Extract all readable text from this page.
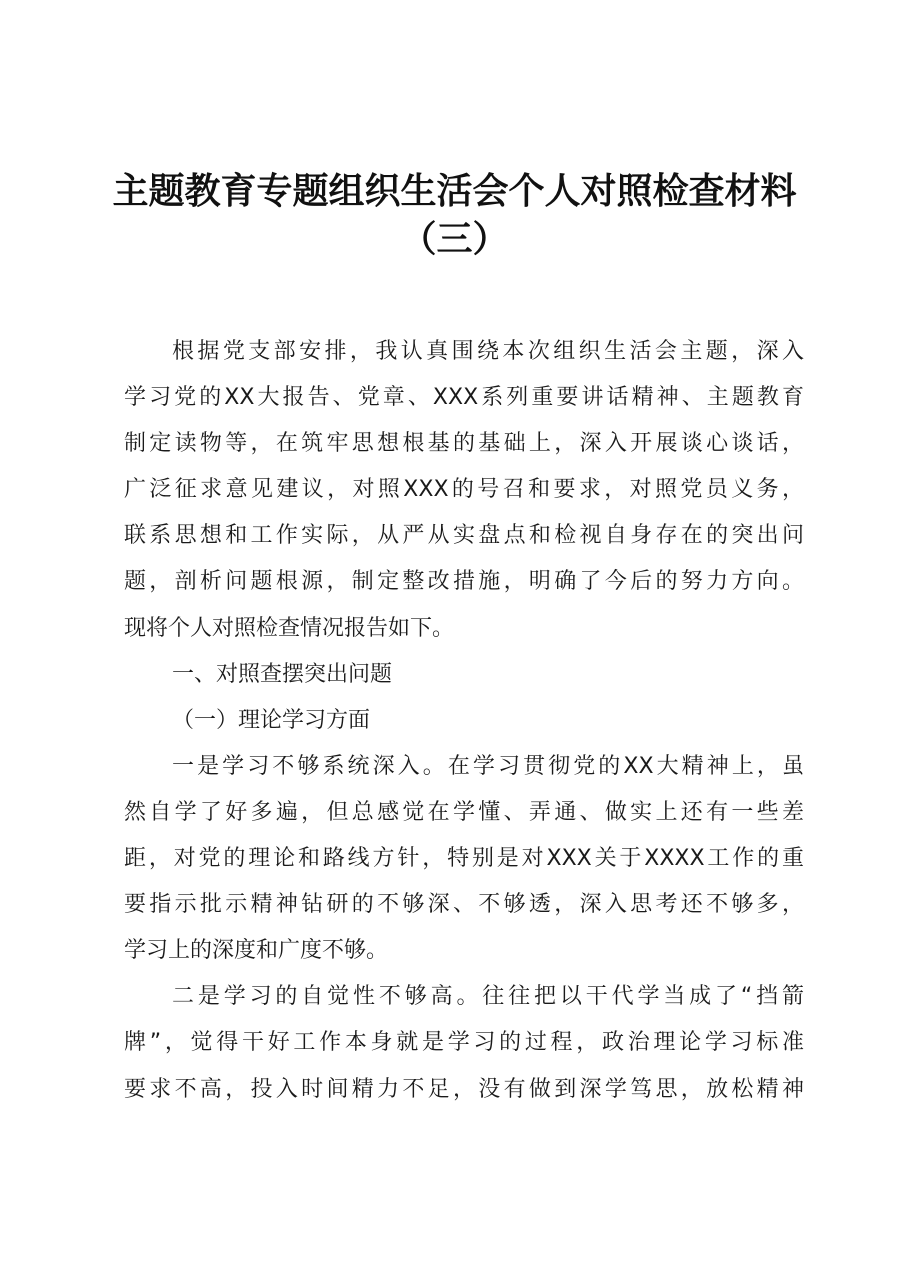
主题教育专题组织生活会个人对照检查材料
（三）
根据党支部安排，我认真围绕本次组织生活会主题，深入
学习党的XX大报告、党章、XXX系列重要讲话精神、主题教育
制定读物等，在筑牢思想根基的基础上，深入开展谈心谈话，
广泛征求意见建议，对照XXX的号召和要求，对照党员义务，
联系思想和工作实际，从严从实盘点和检视自身存在的突出问
题，剖析问题根源，制定整改措施，明确了今后的努力方向。
现将个人对照检查情况报告如下。
一、对照查摆突出问题
（一）理论学习方面
一是学习不够系统深入。在学习贯彻党的XX大精神上，虽
然自学了好多遍，但总感觉在学懂、弄通、做实上还有一些差
距，对党的理论和路线方针，特别是对XXX关于XXXX工作的重
要指示批示精神钻研的不够深、不够透，深入思考还不够多，
学习上的深度和广度不够。
二是学习的自觉性不够高。往往把以干代学当成了“挡箭
牌”，觉得干好工作本身就是学习的过程，政治理论学习标准
要求不高，投入时间精力不足，没有做到深学笃思，放松精神
